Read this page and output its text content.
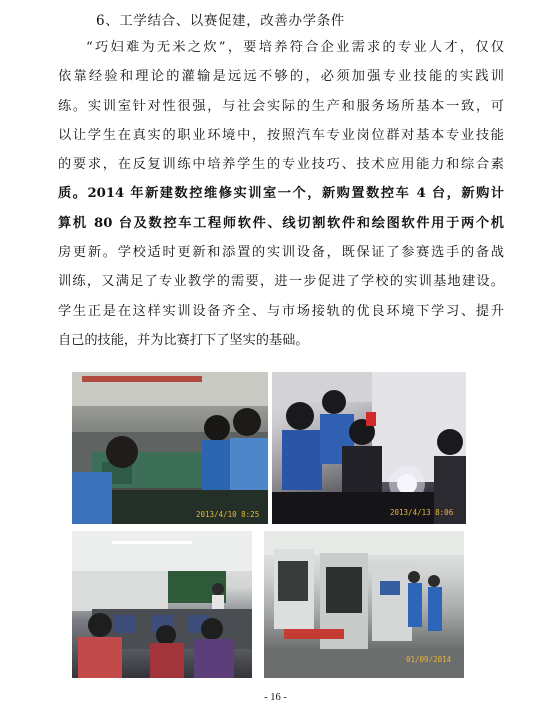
6、工学结合、以赛促建，改善办学条件
“巧妇难为无米之炊”，要培养符合企业需求的专业人才，仅仅
依靠经验和理论的灌输是远远不够的，必须加强专业技能的实践训
练。实训室针对性很强，与社会实际的生产和服务场所基本一致，可
以让学生在真实的职业环境中，按照汽车专业岗位群对基本专业技能
的要求，在反复训练中培养学生的专业技巧、技术应用能力和综合素
质。2014 年新建数控维修实训室一个，新购置数控车 4 台，新购计
算机 80 台及数控车工程师软件、线切割软件和绘图软件用于两个机
房更新。学校适时更新和添置的实训设备，既保证了参赛选手的备战
训练，又满足了专业教学的需要，进一步促进了学校的实训基地建设。
学生正是在这样实训设备齐全、与市场接轨的优良环境下学习、提升
自己的技能，并为比赛打下了坚实的基础。
2013/4/10 8:25	2013/4/13 8:06
01/09/2014
- 16 -
